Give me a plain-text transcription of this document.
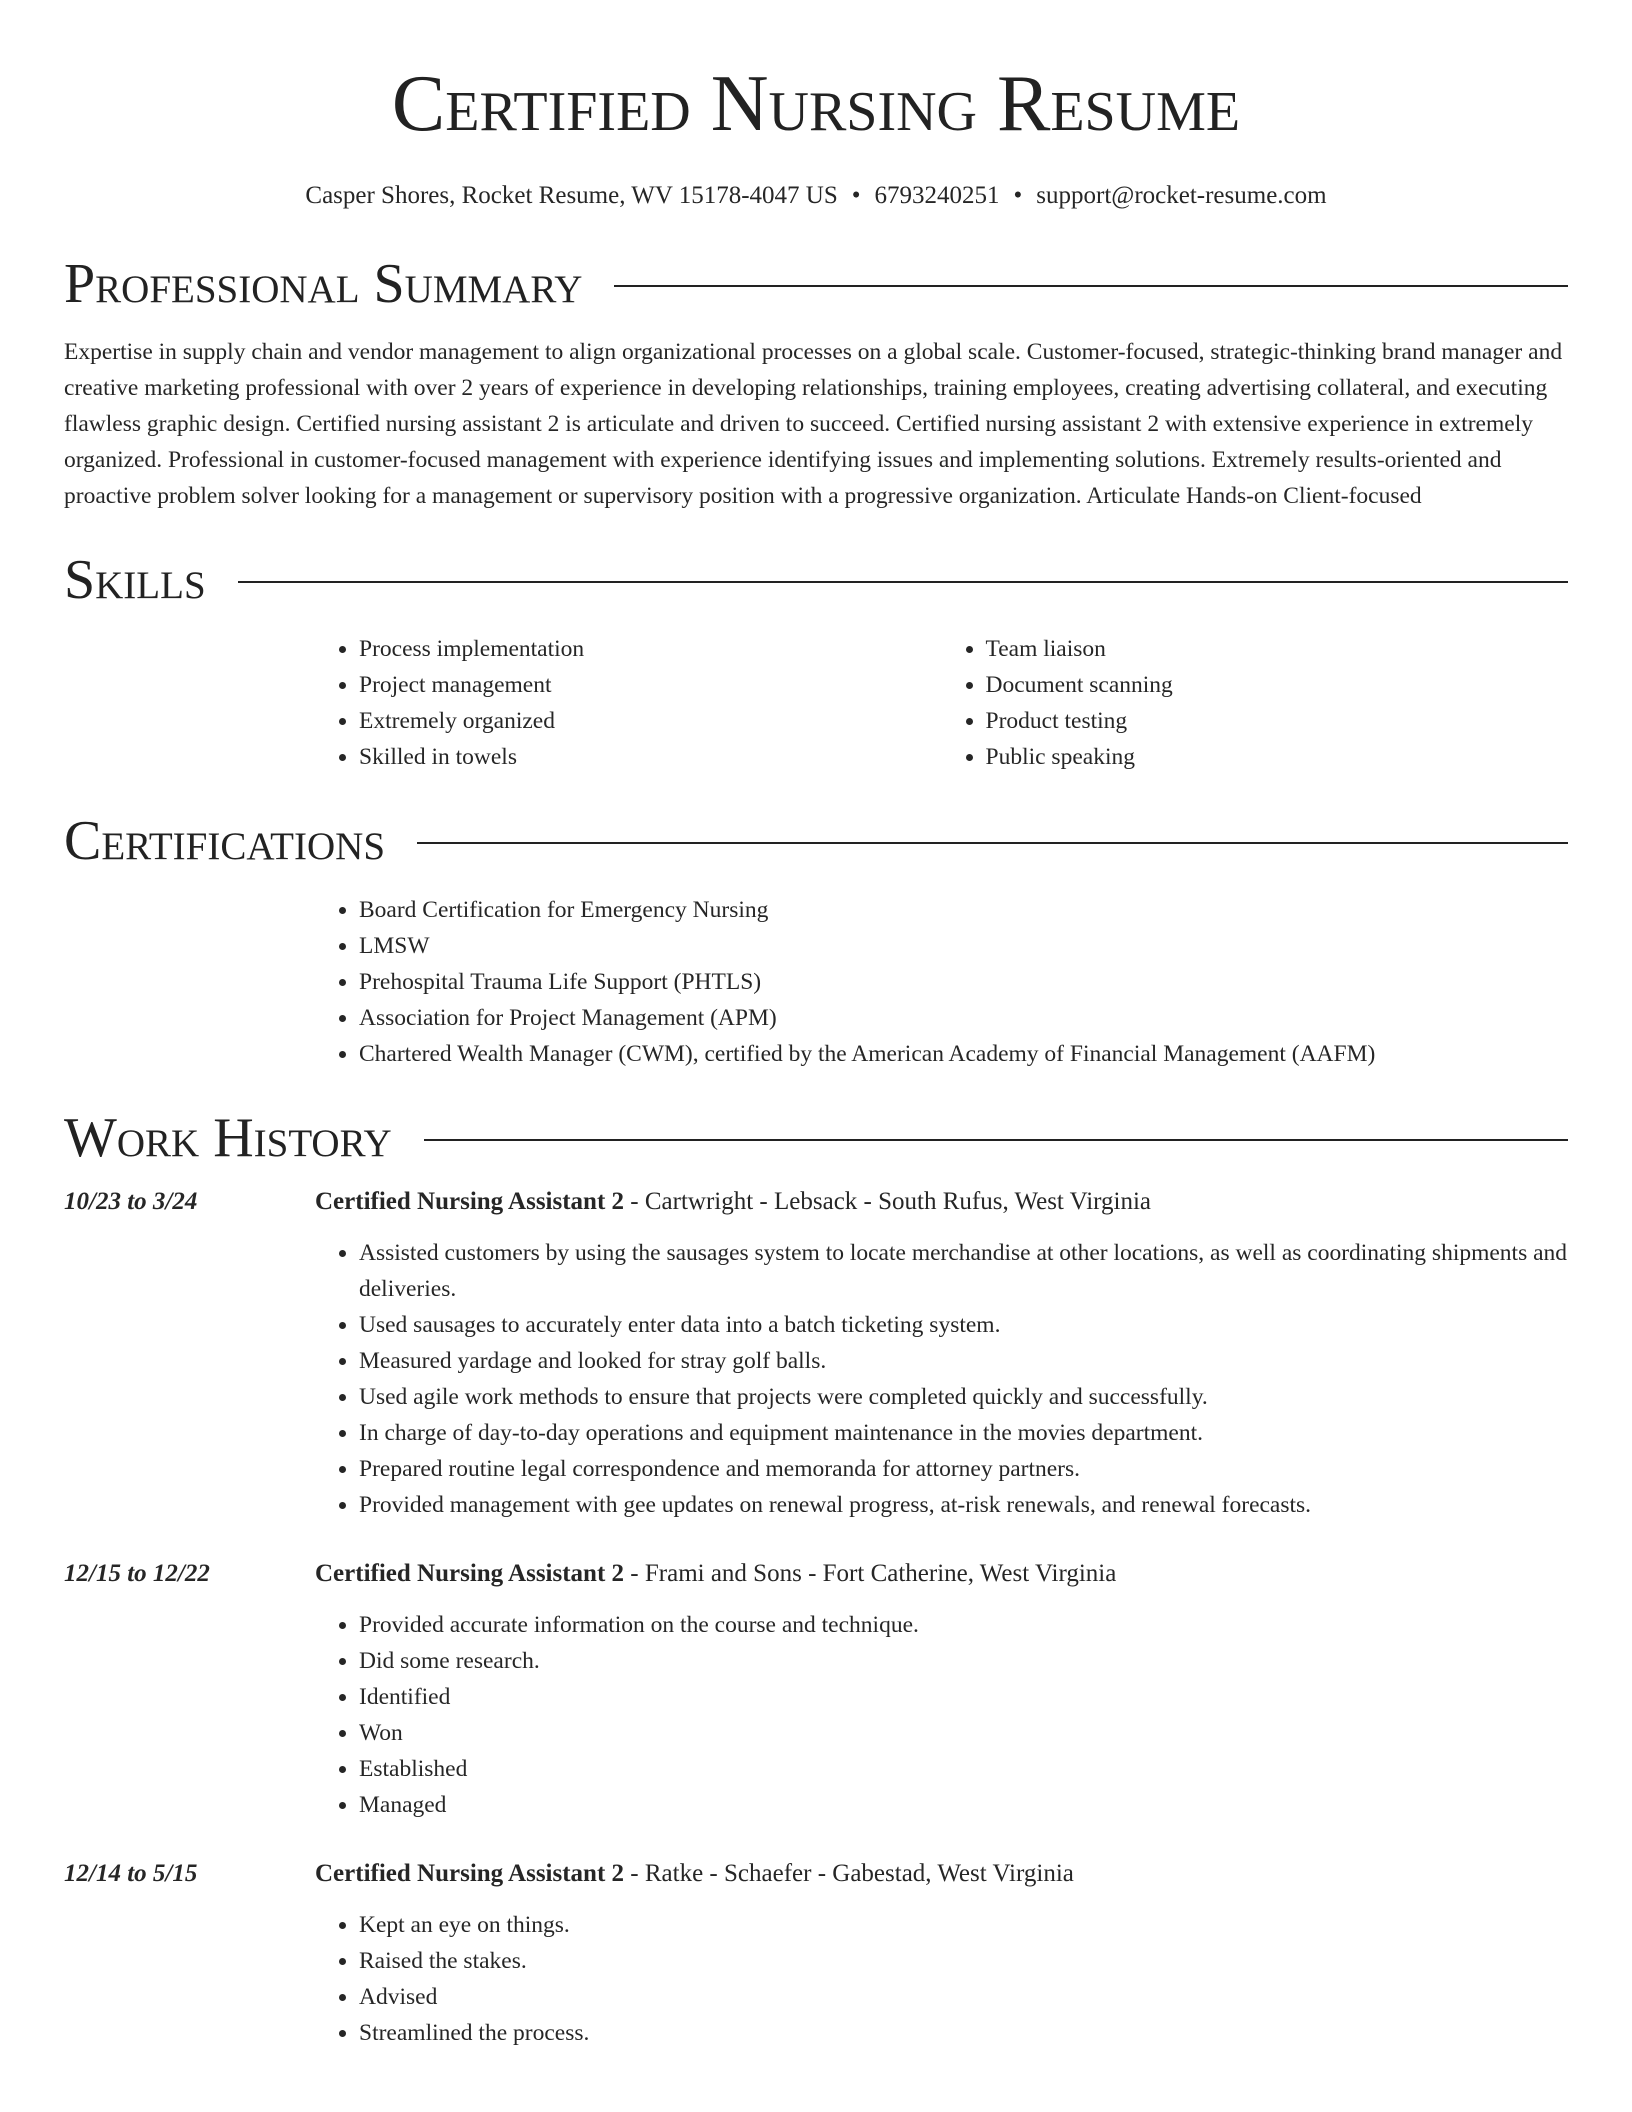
Certified Nursing Resume
Casper Shores, Rocket Resume, WV 15178-4047 US • 6793240251 • support@rocket-resume.com
Professional Summary

Expertise in supply chain and vendor management to align organizational processes on a global scale. Customer-focused, strategic-thinking brand manager and creative marketing professional with over 2 years of experience in developing relationships, training employees, creating advertising collateral, and executing flawless graphic design. Certified nursing assistant 2 is articulate and driven to succeed. Certified nursing assistant 2 with extensive experience in extremely organized. Professional in customer-focused management with experience identifying issues and implementing solutions. Extremely results-oriented and proactive problem solver looking for a management or supervisory position with a progressive organization. Articulate Hands-on Client-focused

Skills
• Process implementation
• Project management
• Extremely organized
• Skilled in towels
• Team liaison
• Document scanning
• Product testing
• Public speaking
Certifications
• Board Certification for Emergency Nursing
• LMSW
• Prehospital Trauma Life Support (PHTLS)
• Association for Project Management (APM)
• Chartered Wealth Manager (CWM), certified by the American Academy of Financial Management (AAFM)
Work History
10/23 to 3/24	Certified Nursing Assistant 2 - Cartwright - Lebsack - South Rufus, West Virginia
• Assisted customers by using the sausages system to locate merchandise at other locations, as well as coordinating shipments and deliveries.
• Used sausages to accurately enter data into a batch ticketing system.
• Measured yardage and looked for stray golf balls.
• Used agile work methods to ensure that projects were completed quickly and successfully.
• In charge of day-to-day operations and equipment maintenance in the movies department.
• Prepared routine legal correspondence and memoranda for attorney partners.
• Provided management with gee updates on renewal progress, at-risk renewals, and renewal forecasts.
12/15 to 12/22	Certified Nursing Assistant 2 - Frami and Sons - Fort Catherine, West Virginia
• Provided accurate information on the course and technique.
• Did some research.
• Identified
• Won
• Established
• Managed
12/14 to 5/15	Certified Nursing Assistant 2 - Ratke - Schaefer - Gabestad, West Virginia
• Kept an eye on things.
• Raised the stakes.
• Advised
• Streamlined the process.
